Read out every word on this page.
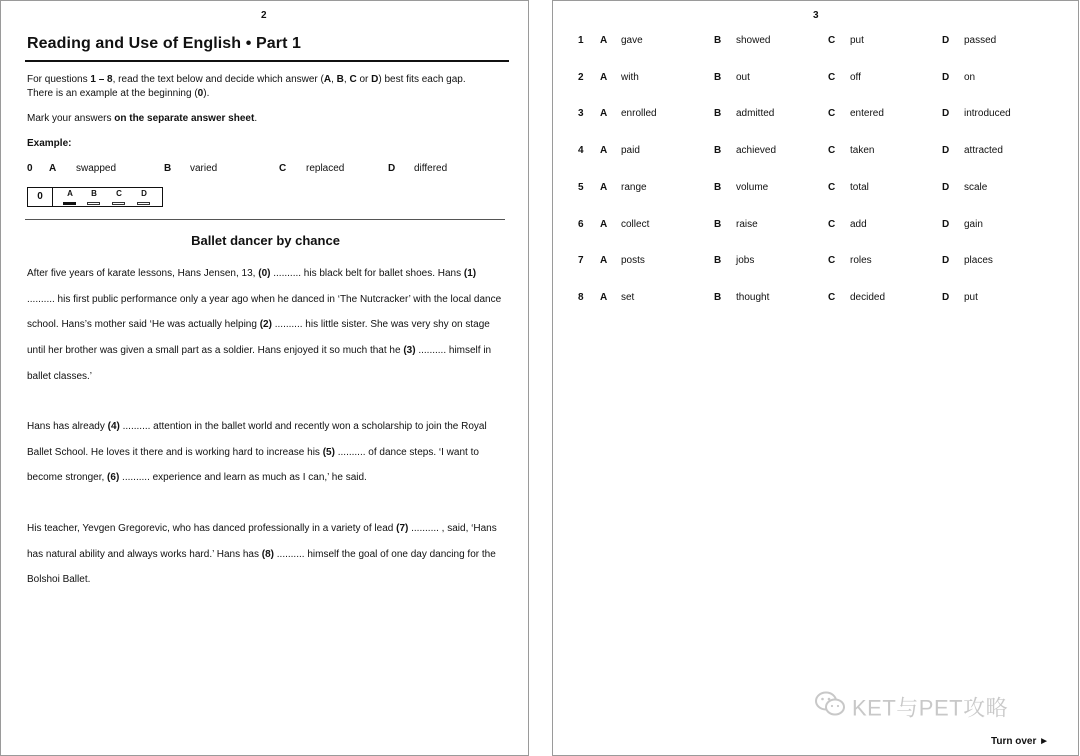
2
Reading and Use of English • Part 1
For questions 1 – 8, read the text below and decide which answer (A, B, C or D) best fits each gap.
There is an example at the beginning (0).
Mark your answers on the separate answer sheet.
Example:
0 A swapped	B varied	C replaced	D differed
0	A	B	C	D
Ballet dancer by chance
After five years of karate lessons, Hans Jensen, 13, (0) .......... his black belt for ballet shoes. Hans (1) .......... his first public performance only a year ago when he danced in ‘The Nutcracker’ with the local dance school. Hans’s mother said ‘He was actually helping (2) .......... his little sister. She was very shy on stage until her brother was given a small part as a soldier. Hans enjoyed it so much that he (3) .......... himself in ballet classes.’
Hans has already (4) .......... attention in the ballet world and recently won a scholarship to join the Royal Ballet School. He loves it there and is working hard to increase his (5) .......... of dance steps. ‘I want to become stronger, (6) .......... experience and learn as much as I can,’ he said.
His teacher, Yevgen Gregorevic, who has danced professionally in a variety of lead (7) .......... , said, ‘Hans has natural ability and always works hard.’ Hans has (8) .......... himself the goal of one day dancing for the Bolshoi Ballet.
3
1 A gave	B showed	C put	D passed
2 A with	B out	C off	D on
3 A enrolled	B admitted	C entered	D introduced
4 A paid	B achieved	C taken	D attracted
5 A range	B volume	C total	D scale
6 A collect	B raise	C add	D gain
7 A posts	B jobs	C roles	D places
8 A set	B thought	C decided	D put
KET与PET攻略
Turn over ►
